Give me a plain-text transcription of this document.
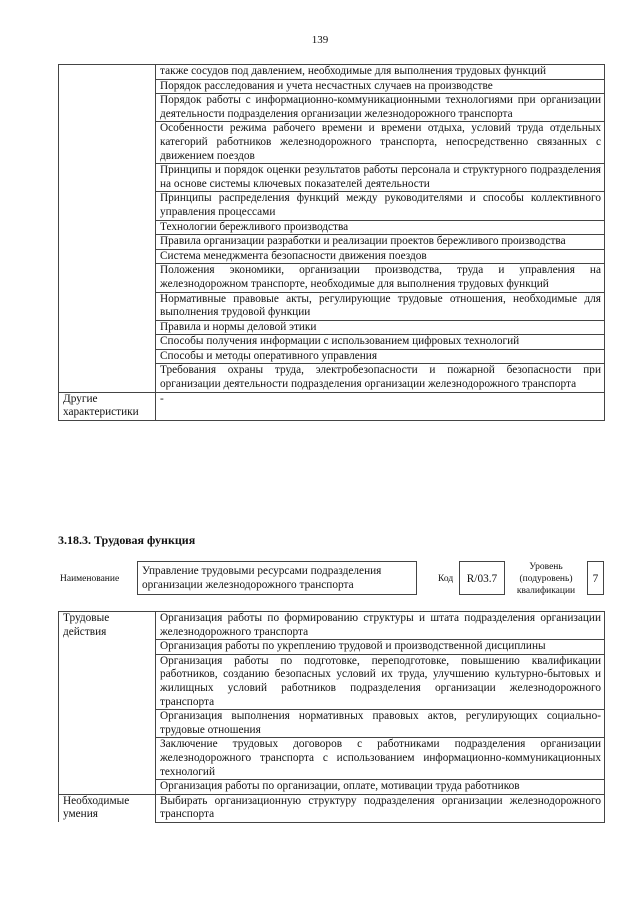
139
	также сосудов под давлением, необходимые для выполнения трудовых функций
	Порядок расследования и учета несчастных случаев на производстве
	Порядок работы с информационно-коммуникационными технологиями при организации деятельности подразделения организации железнодорожного транспорта
	Особенности режима рабочего времени и времени отдыха, условий труда отдельных категорий работников железнодорожного транспорта, непосредственно связанных с движением поездов
	Принципы и порядок оценки результатов работы персонала и структурного подразделения на основе системы ключевых показателей деятельности
	Принципы распределения функций между руководителями и способы коллективного управления процессами
	Технологии бережливого производства
	Правила организации разработки и реализации проектов бережливого производства
	Система менеджмента безопасности движения поездов
	Положения экономики, организации производства, труда и управления на железнодорожном транспорте, необходимые для выполнения трудовых функций
	Нормативные правовые акты, регулирующие трудовые отношения, необходимые для выполнения трудовой функции
	Правила и нормы деловой этики
	Способы получения информации с использованием цифровых технологий
	Способы и методы оперативного управления
	Требования охраны труда, электробезопасности и пожарной безопасности при организации деятельности подразделения организации железнодорожного транспорта
Другие характеристики	-
3.18.3. Трудовая функция
Наименование
Управление трудовыми ресурсами подразделения организации железнодорожного транспорта	Код	R/03.7
Уровень (подуровень) квалификации
7
Трудовые действия	Организация работы по формированию структуры и штата подразделения организации железнодорожного транспорта
	Организация работы по укреплению трудовой и производственной дисциплины
	Организация работы по подготовке, переподготовке, повышению квалификации работников, созданию безопасных условий их труда, улучшению культурно-бытовых и жилищных условий работников подразделения организации железнодорожного транспорта
	Организация выполнения нормативных правовых актов, регулирующих социально-трудовые отношения
	Заключение трудовых договоров с работниками подразделения организации железнодорожного транспорта с использованием информационно-коммуникационных технологий
	Организация работы по организации, оплате, мотивации труда работников
Необходимые умения	Выбирать организационную структуру подразделения организации железнодорожного транспорта
